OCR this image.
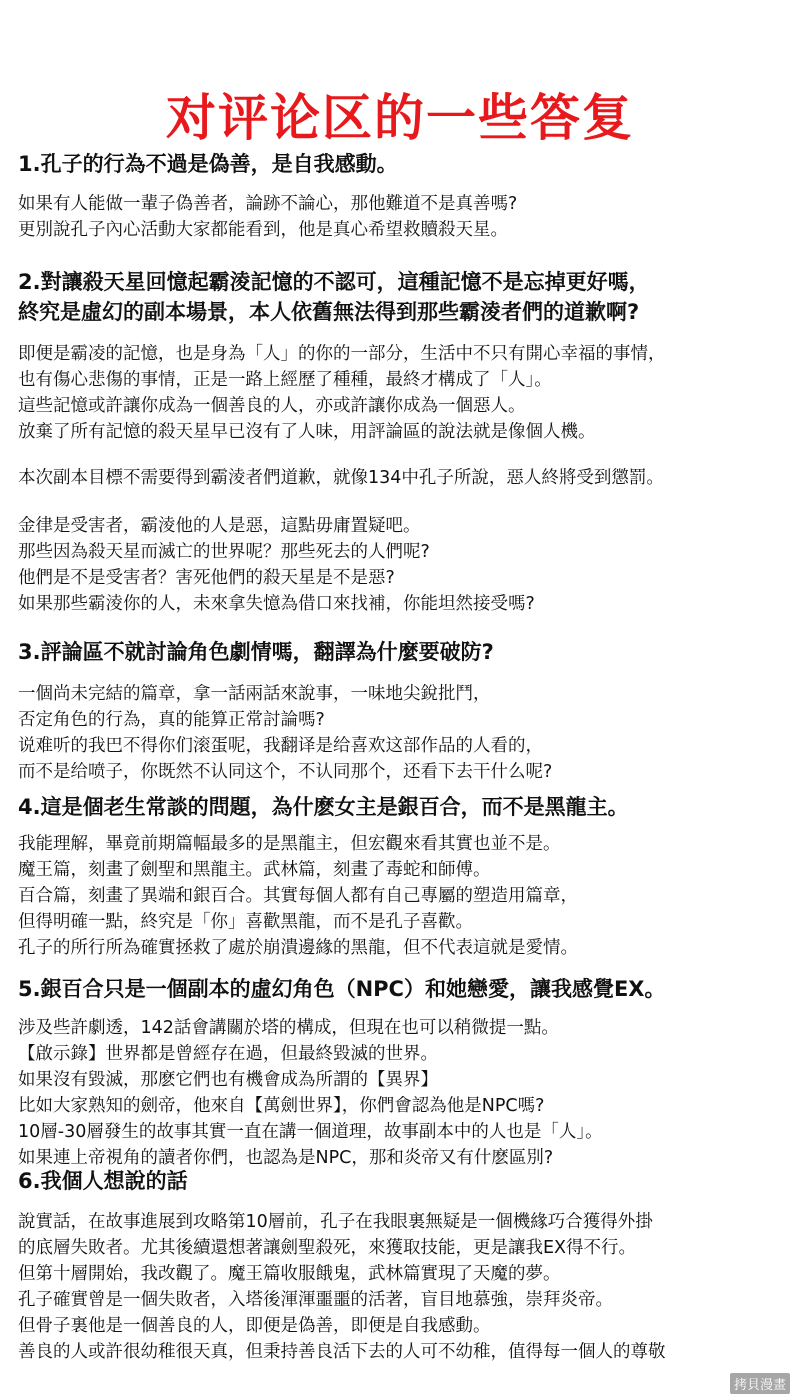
对评论区的一些答复
1.孔子的行為不過是偽善，是自我感動。
如果有人能做一輩子偽善者，論跡不論心，那他難道不是真善嗎?
更別說孔子內心活動大家都能看到，他是真心希望救贖殺天星。
2.對讓殺天星回憶起霸淩記憶的不認可，這種記憶不是忘掉更好嗎，
終究是虛幻的副本場景，本人依舊無法得到那些霸淩者們的道歉啊?
即便是霸凌的記憶，也是身為「人」的你的一部分，生活中不只有開心幸福的事情，
也有傷心悲傷的事情，正是一路上經歷了種種，最終才構成了「人」。
這些記憶或許讓你成為一個善良的人，亦或許讓你成為一個惡人。
放棄了所有記憶的殺天星早已沒有了人味，用評論區的說法就是像個人機。
本次副本目標不需要得到霸淩者們道歉，就像134中孔子所說，惡人終將受到懲罰。
金律是受害者，霸淩他的人是惡，這點毋庸置疑吧。
那些因為殺天星而滅亡的世界呢？那些死去的人們呢?
他們是不是受害者？害死他們的殺天星是不是惡?
如果那些霸淩你的人，未來拿失憶為借口來找補，你能坦然接受嗎?
3.評論區不就討論角色劇情嗎，翻譯為什麼要破防?
一個尚未完結的篇章，拿一話兩話來說事，一味地尖銳批鬥，
否定角色的行為，真的能算正常討論嗎?
说难听的我巴不得你们滚蛋呢，我翻译是给喜欢这部作品的人看的，
而不是给喷子，你既然不认同这个，不认同那个，还看下去干什么呢?
4.這是個老生常談的問題，為什麽女主是銀百合，而不是黑龍主。
我能理解，畢竟前期篇幅最多的是黑龍主，但宏觀來看其實也並不是。
魔王篇，刻畫了劍聖和黑龍主。武林篇，刻畫了毒蛇和師傅。
百合篇，刻畫了異端和銀百合。其實每個人都有自己專屬的塑造用篇章，
但得明確一點，終究是「你」喜歡黑龍，而不是孔子喜歡。
孔子的所行所為確實拯救了處於崩潰邊緣的黑龍，但不代表這就是愛情。
5.銀百合只是一個副本的虛幻角色（NPC）和她戀愛，讓我感覺EX。
涉及些許劇透，142話會講關於塔的構成，但現在也可以稍微提一點。
【啟示錄】世界都是曾經存在過，但最終毀滅的世界。
如果沒有毀滅，那麽它們也有機會成為所謂的【異界】
比如大家熟知的劍帝，他來自【萬劍世界】，你們會認為他是NPC嗎?
10層-30層發生的故事其實一直在講一個道理，故事副本中的人也是「人」。
如果連上帝視角的讀者你們，也認為是NPC，那和炎帝又有什麽區別?
6.我個人想說的話
說實話，在故事進展到攻略第10層前，孔子在我眼裏無疑是一個機緣巧合獲得外掛
的底層失敗者。尤其後續還想著讓劍聖殺死，來獲取技能，更是讓我EX得不行。
但第十層開始，我改觀了。魔王篇收服餓鬼，武林篇實現了天魔的夢。
孔子確實曾是一個失敗者，入塔後渾渾噩噩的活著，盲目地慕強，崇拜炎帝。
但骨子裏他是一個善良的人，即便是偽善，即便是自我感動。
善良的人或許很幼稚很天真，但秉持善良活下去的人可不幼稚，值得每一個人的尊敬
拷貝漫畫
